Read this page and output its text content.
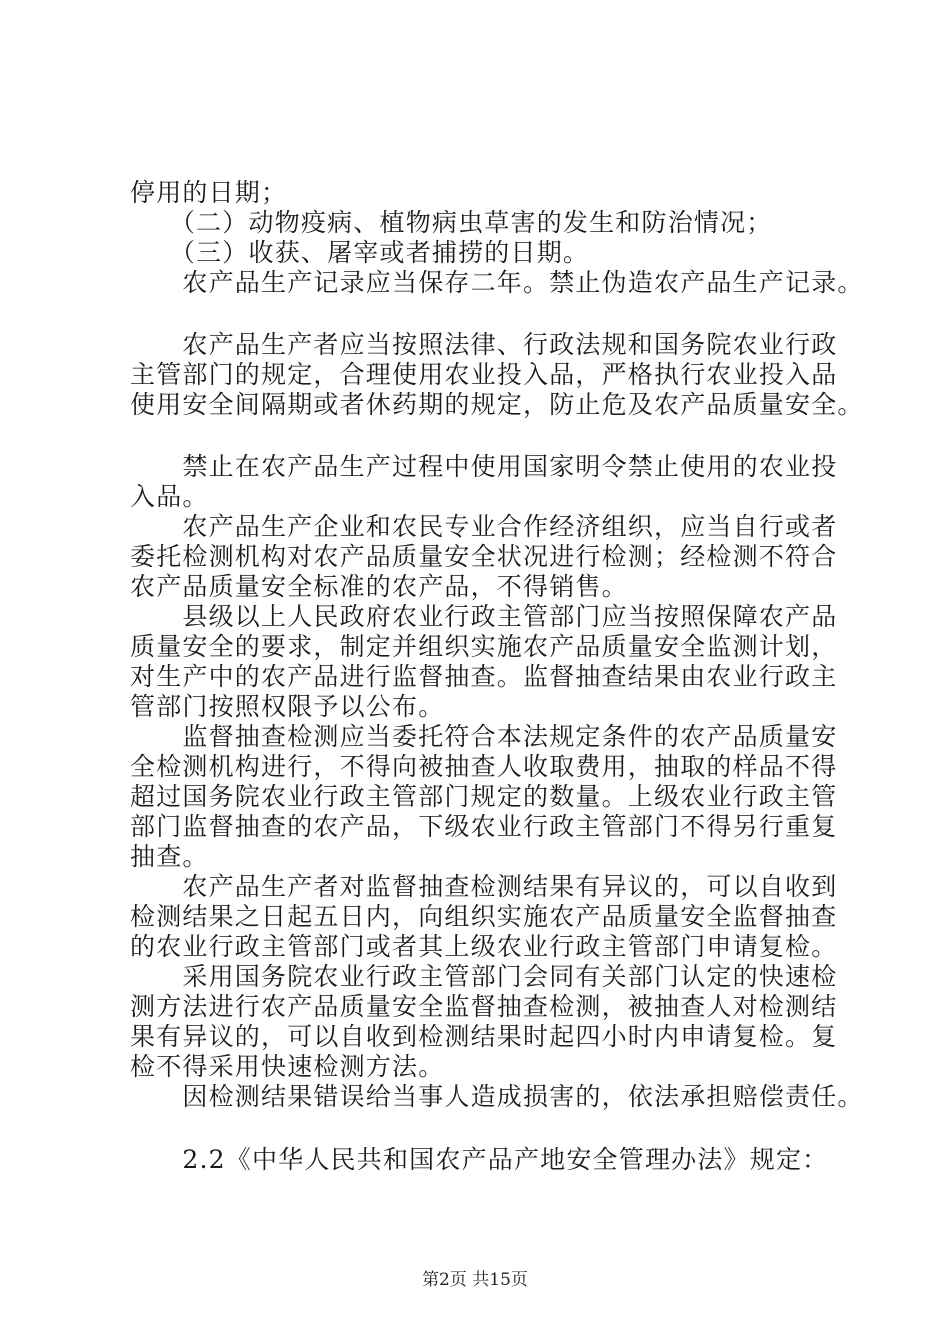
停用的日期；
　　（二）动物疫病、植物病虫草害的发生和防治情况；
　　（三）收获、屠宰或者捕捞的日期。
　　农产品生产记录应当保存二年。禁止伪造农产品生产记录。
　　农产品生产者应当按照法律、行政法规和国务院农业行政
主管部门的规定，合理使用农业投入品，严格执行农业投入品
使用安全间隔期或者休药期的规定，防止危及农产品质量安全。
　　禁止在农产品生产过程中使用国家明令禁止使用的农业投
入品。
　　农产品生产企业和农民专业合作经济组织，应当自行或者
委托检测机构对农产品质量安全状况进行检测；经检测不符合
农产品质量安全标准的农产品，不得销售。
　　县级以上人民政府农业行政主管部门应当按照保障农产品
质量安全的要求，制定并组织实施农产品质量安全监测计划，
对生产中的农产品进行监督抽查。监督抽查结果由农业行政主
管部门按照权限予以公布。
　　监督抽查检测应当委托符合本法规定条件的农产品质量安
全检测机构进行，不得向被抽查人收取费用，抽取的样品不得
超过国务院农业行政主管部门规定的数量。上级农业行政主管
部门监督抽查的农产品，下级农业行政主管部门不得另行重复
抽查。
　　农产品生产者对监督抽查检测结果有异议的，可以自收到
检测结果之日起五日内，向组织实施农产品质量安全监督抽查
的农业行政主管部门或者其上级农业行政主管部门申请复检。
　　采用国务院农业行政主管部门会同有关部门认定的快速检
测方法进行农产品质量安全监督抽查检测，被抽查人对检测结
果有异议的，可以自收到检测结果时起四小时内申请复检。复
检不得采用快速检测方法。
　　因检测结果错误给当事人造成损害的，依法承担赔偿责任。
　　2.2《中华人民共和国农产品产地安全管理办法》规定：
第2页 共15页
